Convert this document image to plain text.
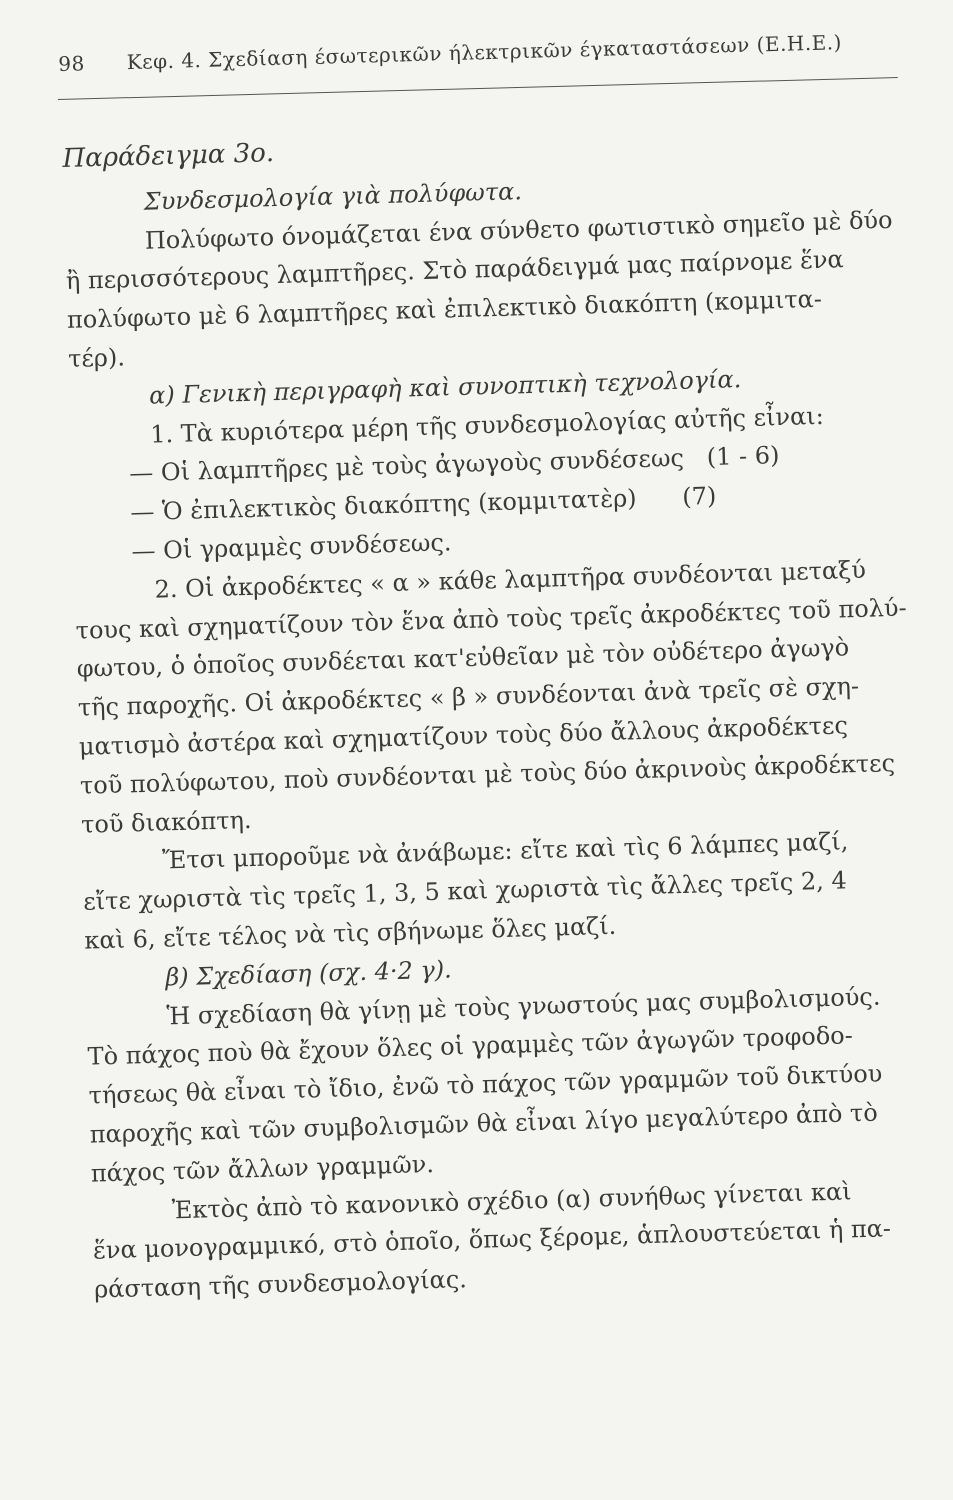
98 Κεφ. 4. Σχεδίαση έσωτερικῶν ήλεκτρικῶν έγκαταστάσεων (Ε.Η.Ε.)

Παράδειγμα 3ο.

Συνδεσμολογία γιὰ πολύφωτα.

Πολύφωτο όνομάζεται ένα σύνθετο φωτιστικὸ σημεῖο μὲ δύο

ἢ περισσότερους λαμπτῆρες. Στὸ παράδειγμά μας παίρνομε ἕνα

πολύφωτο μὲ 6 λαμπτῆρες καὶ ἐπιλεκτικὸ διακόπτη (κομμιτα-

τέρ).

α) Γενικὴ περιγραφὴ καὶ συνοπτικὴ τεχνολογία.

1. Τὰ κυριότερα μέρη τῆς συνδεσμολογίας αὐτῆς εἶναι:

— Οἱ λαμπτῆρες μὲ τοὺς ἀγωγοὺς συνδέσεως   (1 - 6)

— Ὁ ἐπιλεκτικὸς διακόπτης (κομμιτατὲρ)      (7)

— Οἱ γραμμὲς συνδέσεως.

2. Οἱ ἀκροδέκτες « α » κάθε λαμπτῆρα συνδέονται μεταξύ

τους καὶ σχηματίζουν τὸν ἕνα ἀπὸ τοὺς τρεῖς ἀκροδέκτες τοῦ πολύ-

φωτου, ὁ ὁποῖος συνδέεται κατ'εὐθεῖαν μὲ τὸν οὐδέτερο ἀγωγὸ

τῆς παροχῆς. Οἱ ἀκροδέκτες « β » συνδέονται ἀνὰ τρεῖς σὲ σχη-

ματισμὸ ἀστέρα καὶ σχηματίζουν τοὺς δύο ἄλλους ἀκροδέκτες

τοῦ πολύφωτου, ποὺ συνδέονται μὲ τοὺς δύο ἀκρινοὺς ἀκροδέκτες

τοῦ διακόπτη.

Ἔτσι μποροῦμε νὰ ἀνάβωμε: εἴτε καὶ τὶς 6 λάμπες μαζί,

εἴτε χωριστὰ τὶς τρεῖς 1, 3, 5 καὶ χωριστὰ τὶς ἄλλες τρεῖς 2, 4

καὶ 6, εἴτε τέλος νὰ τὶς σβήνωμε ὅλες μαζί.

β) Σχεδίαση (σχ. 4·2 γ).

Ἡ σχεδίαση θὰ γίνῃ μὲ τοὺς γνωστούς μας συμβολισμούς.

Τὸ πάχος ποὺ θὰ ἔχουν ὅλες οἱ γραμμὲς τῶν ἀγωγῶν τροφοδο-

τήσεως θὰ εἶναι τὸ ἴδιο, ἐνῶ τὸ πάχος τῶν γραμμῶν τοῦ δικτύου

παροχῆς καὶ τῶν συμβολισμῶν θὰ εἶναι λίγο μεγαλύτερο ἀπὸ τὸ

πάχος τῶν ἄλλων γραμμῶν.

Ἐκτὸς ἀπὸ τὸ κανονικὸ σχέδιο (α) συνήθως γίνεται καὶ

ἕνα μονογραμμικό, στὸ ὁποῖο, ὅπως ξέρομε, ἁπλουστεύεται ἡ πα-

ράσταση τῆς συνδεσμολογίας.
